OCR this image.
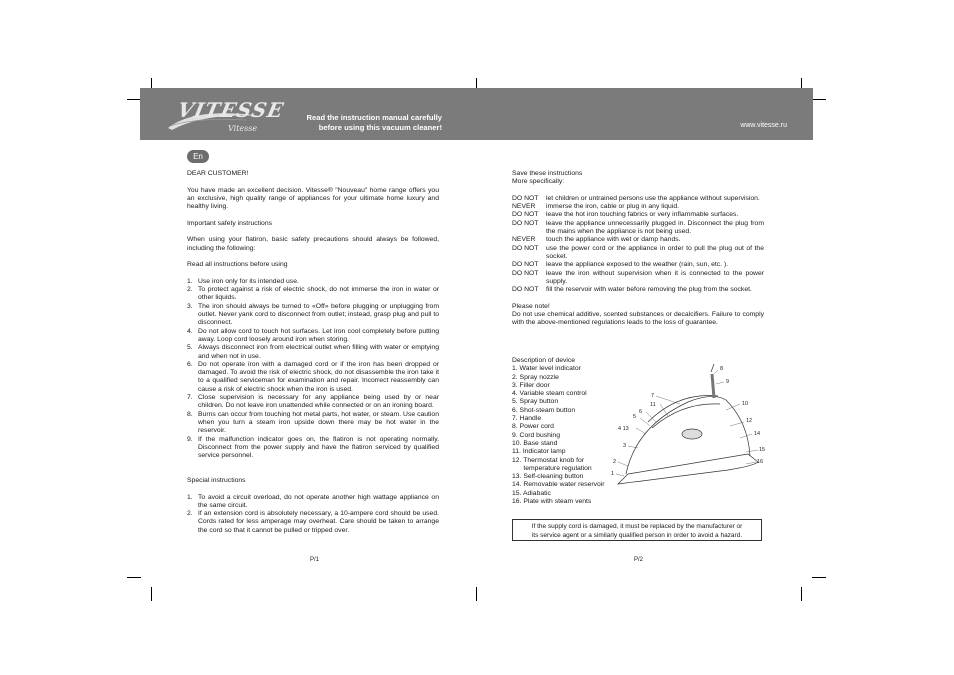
VITESSE
Vitesse
Read the instruction manual carefully
before using this vacuum cleaner!	www.vitesse.ru
En

DEAR CUSTOMER!

You have made an excellent decision. Vitesse® "Nouveau" home range offers you an exclusive, high quality range of appliances for your ultimate home luxury and healthy living.

Important safety instructions

When using your flatiron, basic safety precautions should always be followed, including the following:

Read all instructions before using

1. Use iron only for its intended use.
2. To protect against a risk of electric shock, do not immerse the iron in water or other liquids.
3. The iron should always be turned to «Off» before plugging or unplugging from outlet. Never yank cord to disconnect from outlet; instead, grasp plug and pull to disconnect.
4. Do not allow cord to touch hot surfaces. Let iron cool completely before putting away. Loop cord loosely around iron when storing.
5. Always disconnect iron from electrical outlet when filling with water or emptying and when not in use.
6. Do not operate iron with a damaged cord or if the iron has been dropped or damaged. To avoid the risk of electric shock, do not disassemble the iron take it to a qualified serviceman for examination and repair. Incorrect reassembly can cause a risk of electric shock when the iron is used.
7. Close supervision is necessary for any appliance being used by or near children. Do not leave iron unattended while connected or on an ironing board.
8. Burns can occur from touching hot metal parts, hot water, or steam. Use caution when you turn a steam iron upside down there may be hot water in the reservoir.
9. If the malfunction indicator goes on, the flatiron is not operating normally. Disconnect from the power supply and have the flatiron serviced by qualified service personnel.

Special instructions

1. To avoid a circuit overload, do not operate another high wattage appliance on the same circuit.
2. If an extension cord is absolutely necessary, a 10-ampere cord should be used. Cords rated for less amperage may overheat. Care should be taken to arrange the cord so that it cannot be pulled or tripped over.
P/1

Save these instructions

More specifically:

DO NOT	let children or untrained persons use the appliance without supervision.
NEVER	immerse the iron, cable or plug in any liquid.
DO NOT	leave the hot iron touching fabrics or very inflammable surfaces.
DO NOT	leave the appliance unnecessarily plugged in. Disconnect the plug from the mains when the appliance is not being used.
NEVER	touch the appliance with wet or damp hands.
DO NOT	use the power cord or the appliance in order to pull the plug out of the socket.
DO NOT	leave the appliance exposed to the weather (rain, sun, etc. ).
DO NOT	leave the iron without supervision when it is connected to the power supply.
DO NOT	fill the reservoir with water before removing the plug from the socket.

Please note!

Do not use chemical additive, scented substances or decalcifiers. Failure to comply with the above-mentioned regulations leads to the loss of guarantee.

Description of device

1. Water level indicator

2. Spray nozzle

3. Filler door

4. Variable steam control

5. Spray button

6. Shot-steam button

7. Handle

8. Power cord

9. Cord bushing

10. Base stand

11. Indicator lamp

12. Thermostat knob for

temperature regulation

13. Self-cleaning button

14. Removable water reservoir

15. Adiabatic

16. Plate with steam vents

8
9
7
10
11
6
5
12
4 13
14
3
15
2	16
1
If the supply cord is damaged, it must be replaced by the manufacturer or
its service agent or a similarly qualified person in order to avoid a hazard.
P/2
